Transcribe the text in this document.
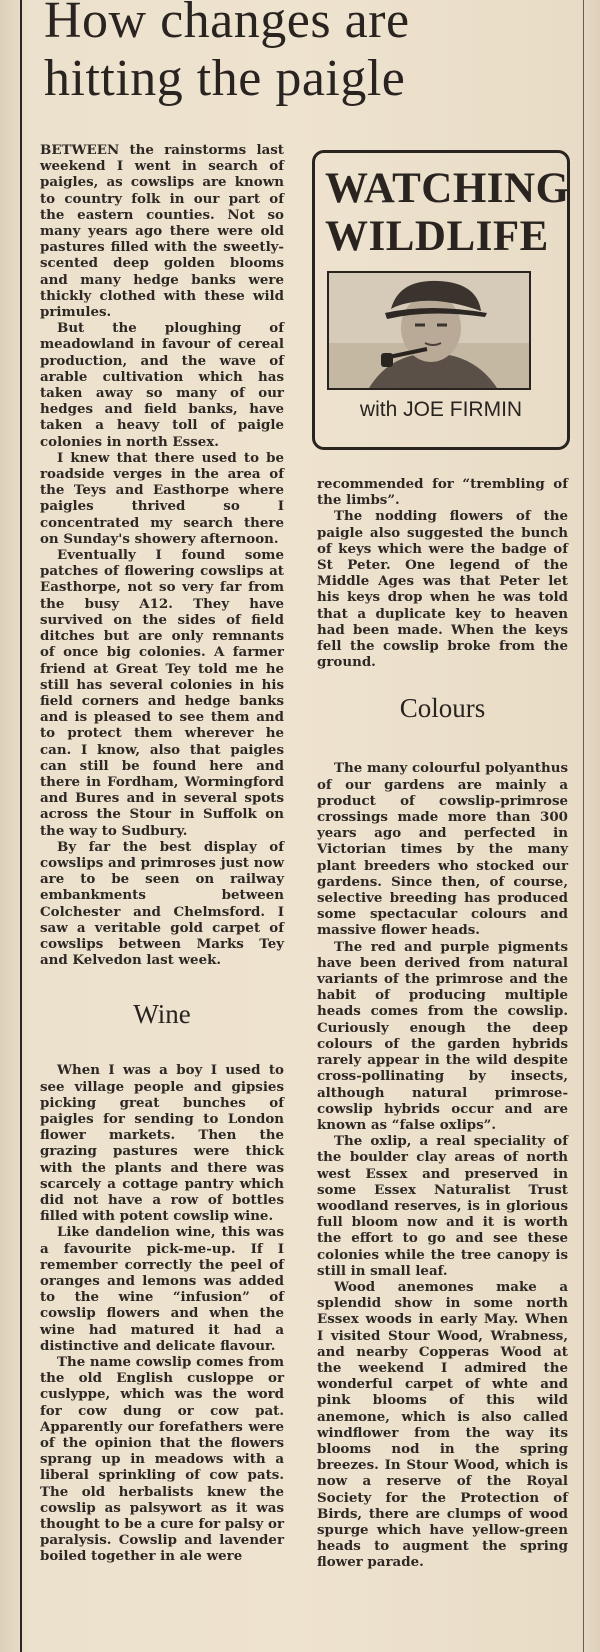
How changes are
hitting the paigle
WATCHING
WILDLIFE
with JOE FIRMIN

BETWEEN the rainstorms last weekend I went in search of paigles, as cowslips are known to country folk in our part of the eastern counties. Not so many years ago there were old pastures filled with the sweetly-scented deep golden blooms and many hedge banks were thickly clothed with these wild primules.

But the ploughing of meadowland in favour of cereal production, and the wave of arable cultivation which has taken away so many of our hedges and field banks, have taken a heavy toll of paigle colonies in north Essex.

I knew that there used to be roadside verges in the area of the Teys and Easthorpe where paigles thrived so I concentrated my search there on Sunday's showery afternoon.

Eventually I found some patches of flowering cowslips at Easthorpe, not so very far from the busy A12. They have survived on the sides of field ditches but are only remnants of once big colonies. A farmer friend at Great Tey told me he still has several colonies in his field corners and hedge banks and is pleased to see them and to protect them wherever he can. I know, also that paigles can still be found here and there in Fordham, Wormingford and Bures and in several spots across the Stour in Suffolk on the way to Sudbury.

By far the best display of cowslips and primroses just now are to be seen on railway embankments between Colchester and Chelmsford. I saw a veritable gold carpet of cowslips between Marks Tey and Kelvedon last week.

Wine

When I was a boy I used to see village people and gipsies picking great bunches of paigles for sending to London flower markets. Then the grazing pastures were thick with the plants and there was scarcely a cottage pantry which did not have a row of bottles filled with potent cowslip wine.

Like dandelion wine, this was a favourite pick-me-up. If I remember correctly the peel of oranges and lemons was added to the wine “infusion” of cowslip flowers and when the wine had matured it had a distinctive and delicate flavour.

The name cowslip comes from the old English cusloppe or cuslyppe, which was the word for cow dung or cow pat. Apparently our forefathers were of the opinion that the flowers sprang up in meadows with a liberal sprinkling of cow pats. The old herbalists knew the cowslip as palsywort as it was thought to be a cure for palsy or paralysis. Cowslip and lavender boiled together in ale were

recommended for “trembling of the limbs”.

The nodding flowers of the paigle also suggested the bunch of keys which were the badge of St Peter. One legend of the Middle Ages was that Peter let his keys drop when he was told that a duplicate key to heaven had been made. When the keys fell the cowslip broke from the ground.

Colours

The many colourful polyanthus of our gardens are mainly a product of cowslip-primrose crossings made more than 300 years ago and perfected in Victorian times by the many plant breeders who stocked our gardens. Since then, of course, selective breeding has produced some spectacular colours and massive flower heads.

The red and purple pigments have been derived from natural variants of the primrose and the habit of producing multiple heads comes from the cowslip. Curiously enough the deep colours of the garden hybrids rarely appear in the wild despite cross-pollinating by insects, although natural primrose-cowslip hybrids occur and are known as “false oxlips”.

The oxlip, a real speciality of the boulder clay areas of north west Essex and preserved in some Essex Naturalist Trust woodland reserves, is in glorious full bloom now and it is worth the effort to go and see these colonies while the tree canopy is still in small leaf.

Wood anemones make a splendid show in some north Essex woods in early May. When I visited Stour Wood, Wrabness, and nearby Copperas Wood at the weekend I admired the wonderful carpet of whte and pink blooms of this wild anemone, which is also called windflower from the way its blooms nod in the spring breezes. In Stour Wood, which is now a reserve of the Royal Society for the Protection of Birds, there are clumps of wood spurge which have yellow-green heads to augment the spring flower parade.
